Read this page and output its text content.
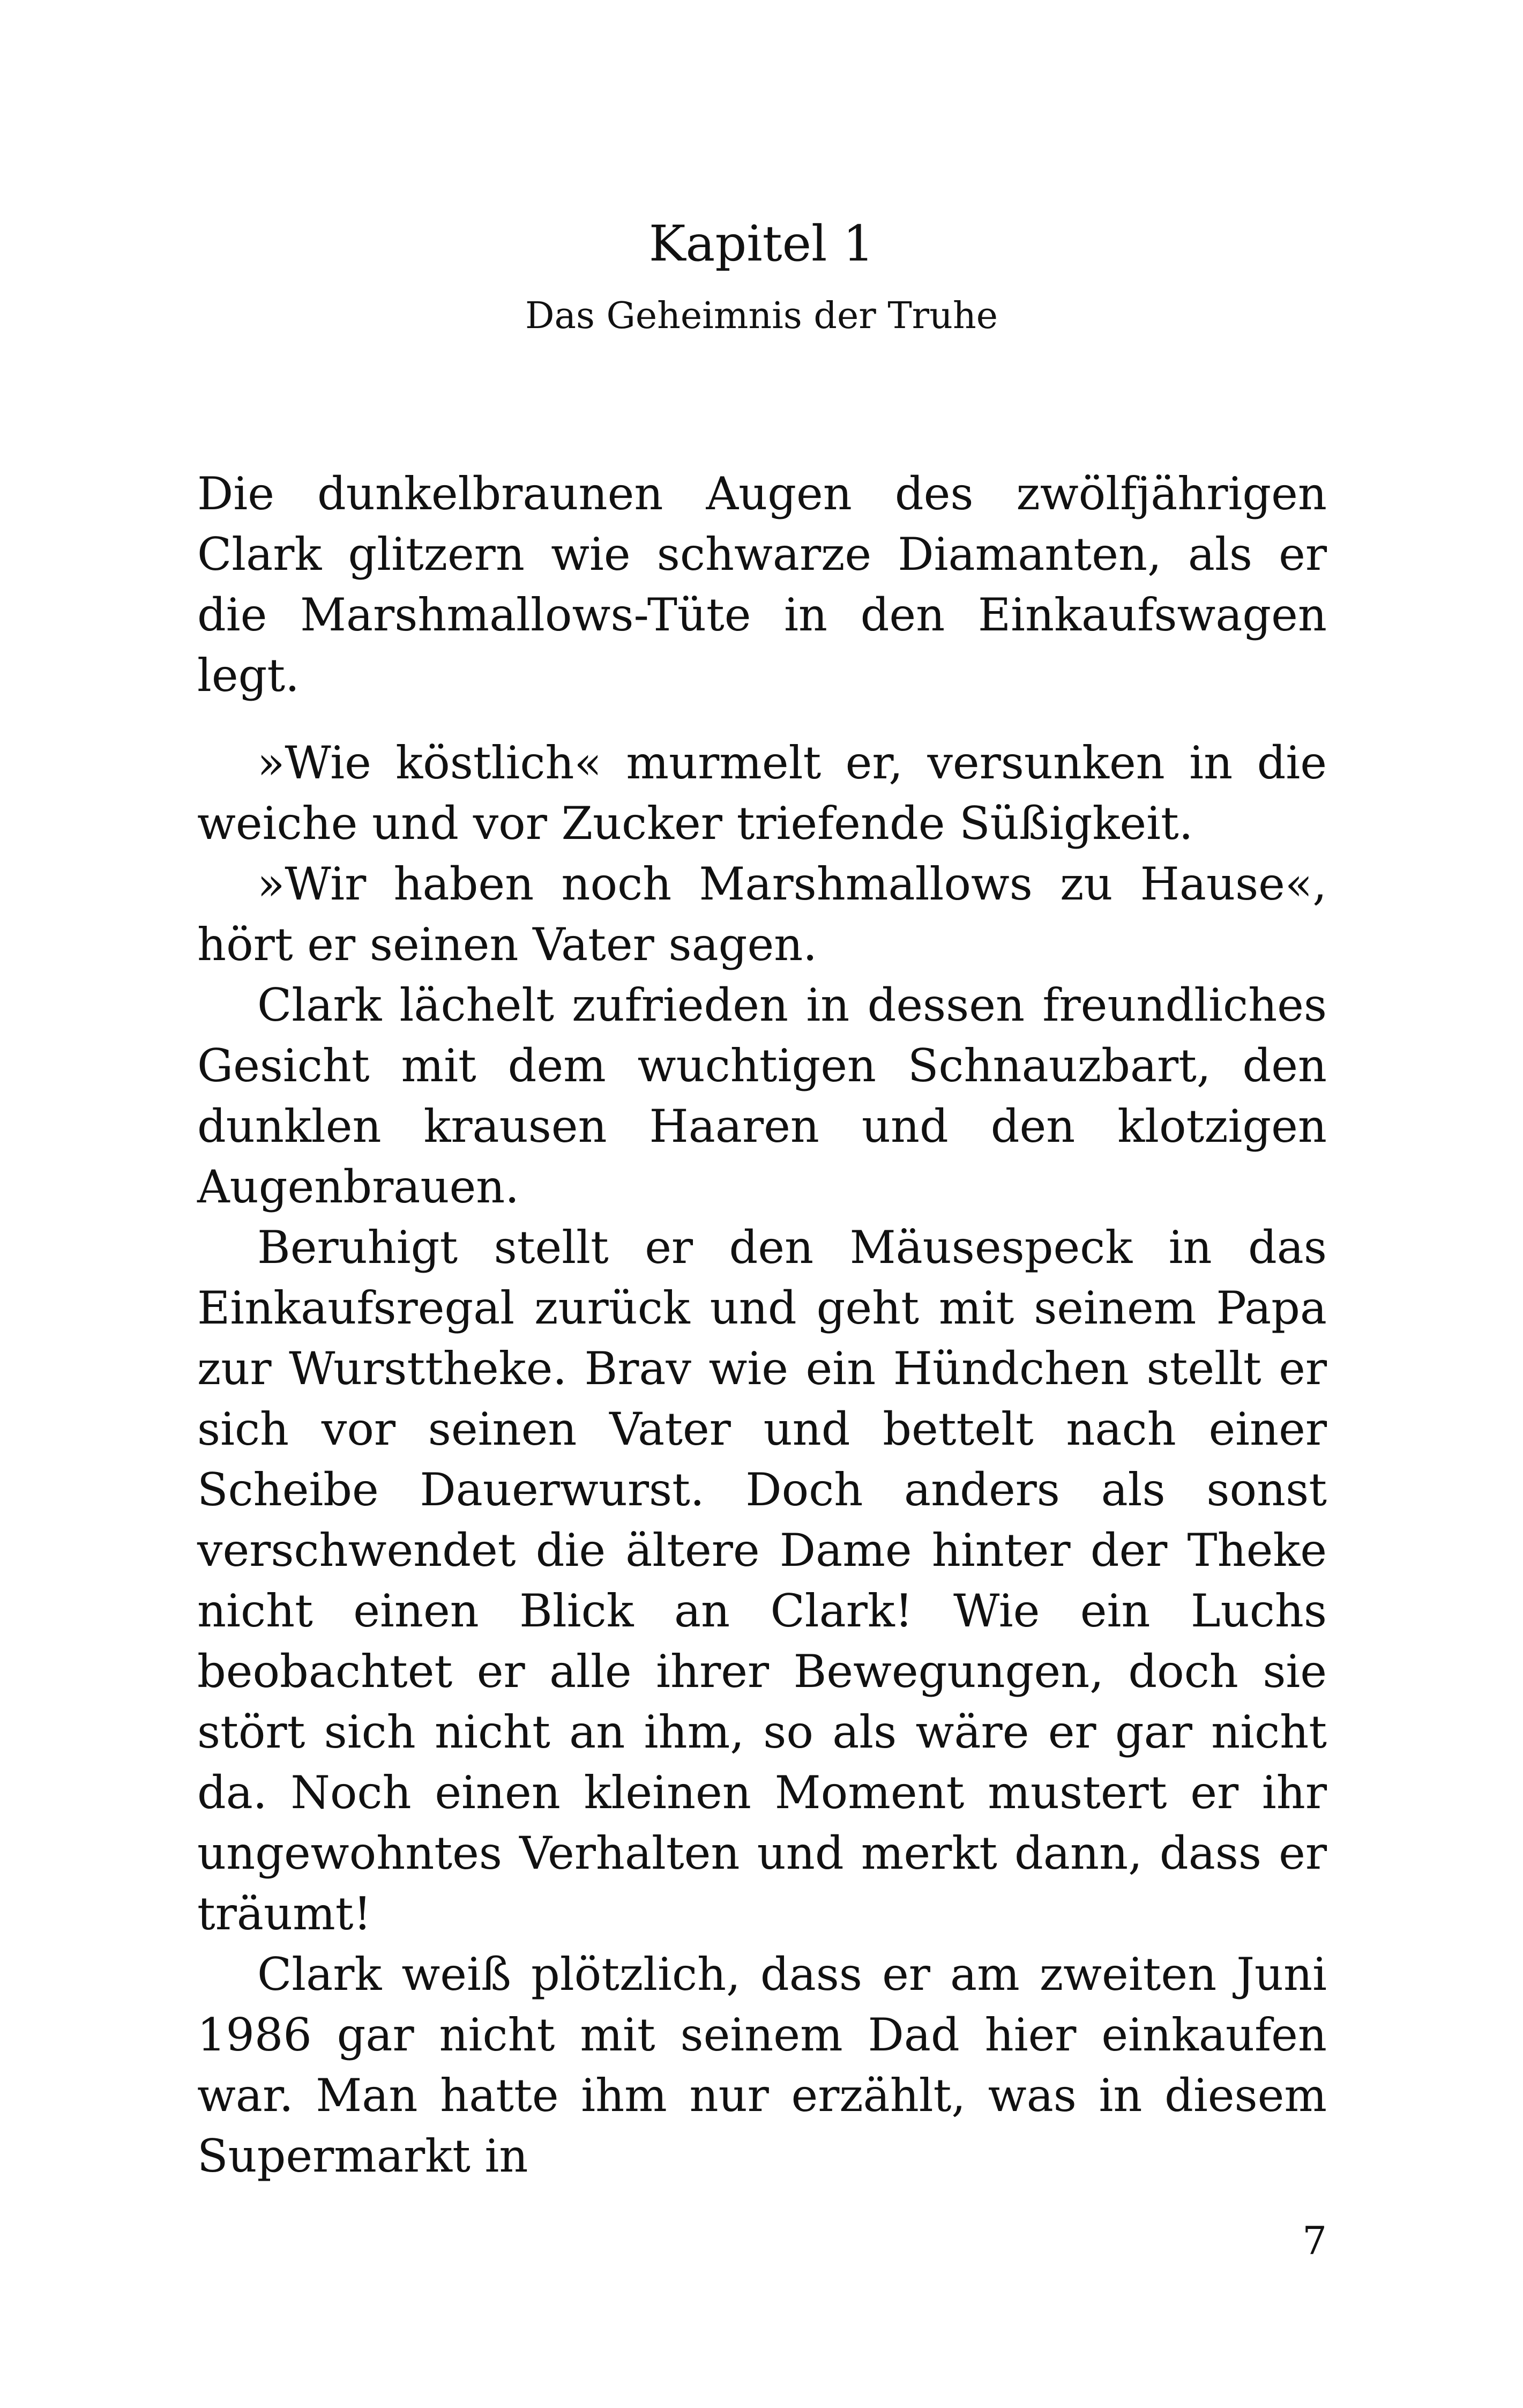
Kapitel 1
Das Geheimnis der Truhe

Die dunkelbraunen Augen des zwölfjährigen Clark glitzern wie schwarze Diamanten, als er die Marshmallows-Tüte in den Einkaufswagen legt.

»Wie köstlich« murmelt er, versunken in die weiche und vor Zucker triefende Süßigkeit.

»Wir haben noch Marshmallows zu Hause«, hört er seinen Vater sagen.

Clark lächelt zufrieden in dessen freundliches Gesicht mit dem wuchtigen Schnauzbart, den dunklen krausen Haaren und den klotzigen Augenbrauen.

Beruhigt stellt er den Mäusespeck in das Einkaufsregal zurück und geht mit seinem Papa zur Wursttheke. Brav wie ein Hündchen stellt er sich vor seinen Vater und bettelt nach einer Scheibe Dauerwurst. Doch anders als sonst verschwendet die ältere Dame hinter der Theke nicht einen Blick an Clark! Wie ein Luchs beobachtet er alle ihrer Bewegungen, doch sie stört sich nicht an ihm, so als wäre er gar nicht da. Noch einen kleinen Moment mustert er ihr ungewohntes Verhalten und merkt dann, dass er träumt!

Clark weiß plötzlich, dass er am zweiten Juni 1986 gar nicht mit seinem Dad hier einkaufen war. Man hatte ihm nur erzählt, was in diesem Supermarkt in

7
